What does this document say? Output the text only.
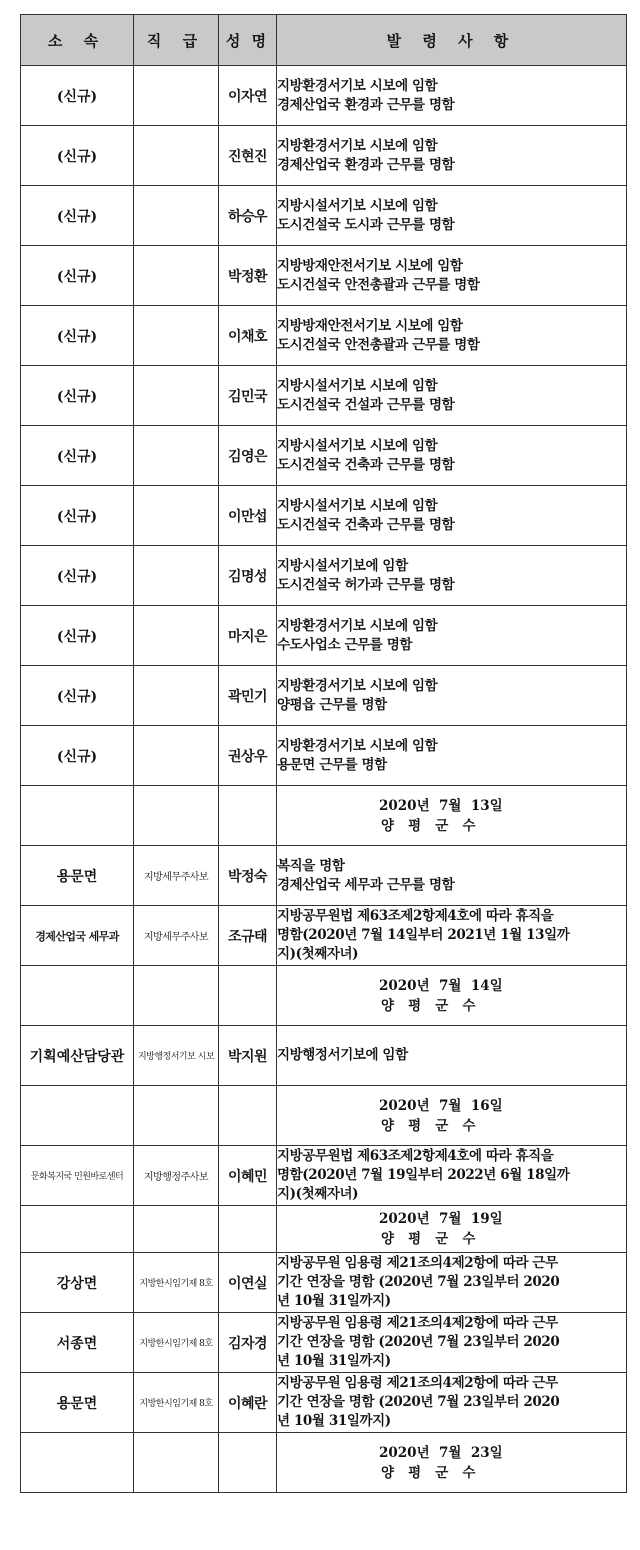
소 속	직 급	성 명	발 령 사 항
(신규)		이자연	지방환경서기보 시보에 임함
경제산업국 환경과 근무를 명함

(신규)		진현진	지방환경서기보 시보에 임함
경제산업국 환경과 근무를 명함

(신규)		하승우	지방시설서기보 시보에 임함
도시건설국 도시과 근무를 명함

(신규)		박정환	지방방재안전서기보 시보에 임함
도시건설국 안전총괄과 근무를 명함

(신규)		이채호	지방방재안전서기보 시보에 임함
도시건설국 안전총괄과 근무를 명함

(신규)		김민국	지방시설서기보 시보에 임함
도시건설국 건설과 근무를 명함

(신규)		김영은	지방시설서기보 시보에 임함
도시건설국 건축과 근무를 명함

(신규)		이만섭	지방시설서기보 시보에 임함
도시건설국 건축과 근무를 명함

(신규)		김명성	지방시설서기보에 임함
도시건설국 허가과 근무를 명함

(신규)		마지은	지방환경서기보 시보에 임함
수도사업소 근무를 명함

(신규)		곽민기	지방환경서기보 시보에 임함
양평읍 근무를 명함

(신규)		권상우	지방환경서기보 시보에 임함
용문면 근무를 명함

			2020년  7월  13일
양   평   군   수

용문면	지방세무주사보	박정숙	복직을 명함
경제산업국 세무과 근무를 명함

경제산업국 세무과	지방세무주사보	조규태	지방공무원법 제63조제2항제4호에 따라 휴직을
명함(2020년 7월 14일부터 2021년 1월 13일까
지)(첫째자녀)

			2020년  7월  14일
양   평   군   수

기획예산담당관	지방행정서기보 시보	박지원	지방행정서기보에 임함

			2020년  7월  16일
양   평   군   수

문화복지국 민원바로센터	지방행정주사보	이혜민	지방공무원법 제63조제2항제4호에 따라 휴직을
명함(2020년 7월 19일부터 2022년 6월 18일까
지)(첫째자녀)

			2020년  7월  19일
양   평   군   수

강상면	지방한시임기제 8호	이연실	지방공무원 임용령 제21조의4제2항에 따라 근무
기간 연장을 명함 (2020년 7월 23일부터 2020
년 10월 31일까지)

서종면	지방한시임기제 8호	김자경	지방공무원 임용령 제21조의4제2항에 따라 근무
기간 연장을 명함 (2020년 7월 23일부터 2020
년 10월 31일까지)

용문면	지방한시임기제 8호	이혜란	지방공무원 임용령 제21조의4제2항에 따라 근무
기간 연장을 명함 (2020년 7월 23일부터 2020
년 10월 31일까지)

			2020년  7월  23일
양   평   군   수
